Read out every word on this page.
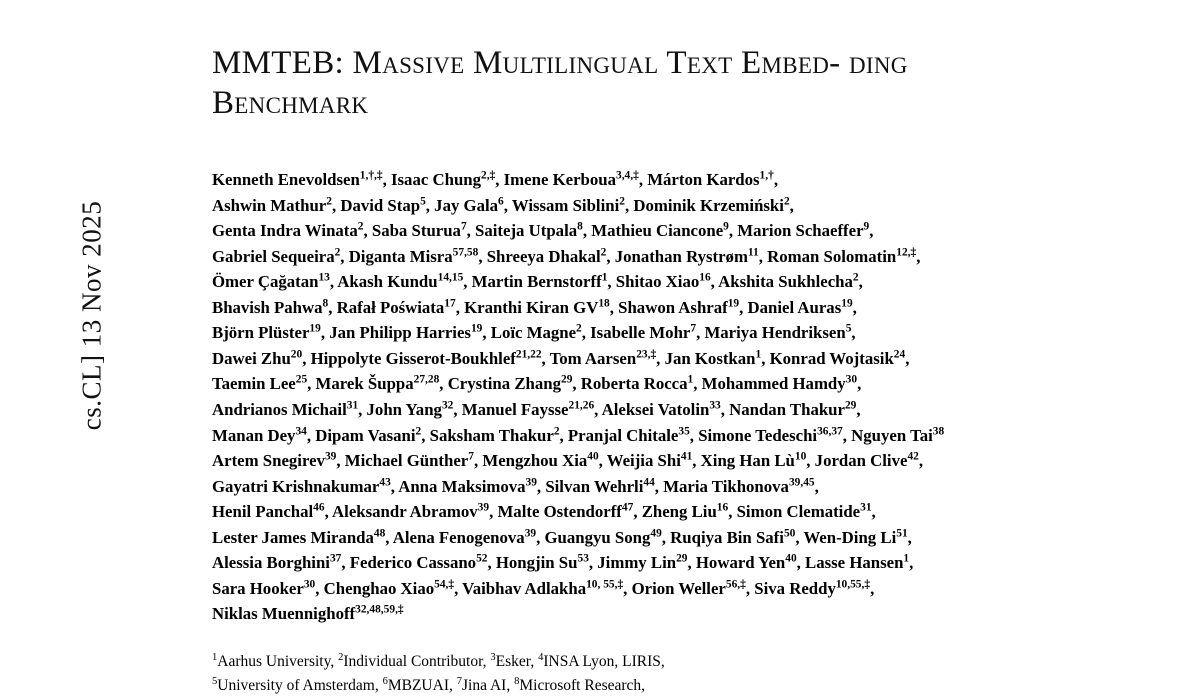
cs.CL] 13 Nov 2025
MMTEB: Massive Multilingual Text Embed- ding Benchmark
Kenneth Enevoldsen$^{1,\dagger,\ddagger}$, Isaac Chung$^{2,\ddagger}$, Imene Kerboua$^{3,4,\ddagger}$, Márton Kardos$^{1,\dagger}$,
Ashwin Mathur$^2$, David Stap$^5$, Jay Gala$^6$, Wissam Siblini$^2$, Dominik Krzemiński$^2$,
Genta Indra Winata$^2$, Saba Sturua$^7$, Saiteja Utpala$^8$, Mathieu Ciancone$^9$, Marion Schaeffer$^9$,
Gabriel Sequeira$^2$, Diganta Misra$^{57,58}$, Shreeya Dhakal$^2$, Jonathan Rystrøm$^{11}$, Roman Solomatin$^{12,\ddagger}$,
Ömer Çağatan$^{13}$, Akash Kundu$^{14,15}$, Martin Bernstorff$^1$, Shitao Xiao$^{16}$, Akshita Sukhlecha$^2$,
Bhavish Pahwa$^8$, Rafał Poświata$^{17}$, Kranthi Kiran GV$^{18}$, Shawon Ashraf$^{19}$, Daniel Auras$^{19}$,
Björn Plüster$^{19}$, Jan Philipp Harries$^{19}$, Loïc Magne$^2$, Isabelle Mohr$^7$, Mariya Hendriksen$^5$,
Dawei Zhu$^{20}$, Hippolyte Gisserot-Boukhlef$^{21,22}$, Tom Aarsen$^{23,\ddagger}$, Jan Kostkan$^1$, Konrad Wojtasik$^{24}$,
Taemin Lee$^{25}$, Marek Šuppa$^{27,28}$, Crystina Zhang$^{29}$, Roberta Rocca$^1$, Mohammed Hamdy$^{30}$,
Andrianos Michail$^{31}$, John Yang$^{32}$, Manuel Faysse$^{21,26}$, Aleksei Vatolin$^{33}$, Nandan Thakur$^{29}$,
Manan Dey$^{34}$, Dipam Vasani$^2$, Saksham Thakur$^2$, Pranjal Chitale$^{35}$, Simone Tedeschi$^{36,37}$, Nguyen Tai$^{38}$
Artem Snegirev$^{39}$, Michael Günther$^7$, Mengzhou Xia$^{40}$, Weijia Shi$^{41}$, Xing Han $Lù^{10}$, Jordan Clive$^{42}$,
Gayatri Krishnakumar$^{43}$, Anna Maksimova$^{39}$, Silvan Wehrli$^{44}$, Maria Tikhonova$^{39,45}$,
Henil Panchal$^{46}$, Aleksandr Abramov$^{39}$, Malte Ostendorff$^{47}$, Zheng Liu$^{16}$, Simon Clematide$^{31}$,
Lester James Miranda$^{48}$, Alena Fenogenova$^{39}$, Guangyu Song$^{49}$, Ruqiya Bin Safi$^{50}$, Wen-Ding Li$^{51}$,
Alessia Borghini$^{37}$, Federico Cassano$^{52}$, Hongjin Su$^{53}$, Jimmy Lin$^{29}$, Howard Yen$^{40}$, Lasse Hansen$^1$,
Sara Hooker$^{30}$, Chenghao Xiao$^{54,\ddagger}$, Vaibhav Adlakha$^{10, 55,\ddagger}$, Orion Weller$^{56,\ddagger}$, Siva Reddy$^{10,55,\ddagger}$,
Niklas Muennighoff$^{32,48,59,\ddagger}$
$^1$Aarhus University, $^2$Individual Contributor, $^3$Esker, $^4$INSA Lyon, LIRIS,
$^5$University of Amsterdam, $^6$MBZUAI, $^7$Jina AI, $^8$Microsoft Research,
